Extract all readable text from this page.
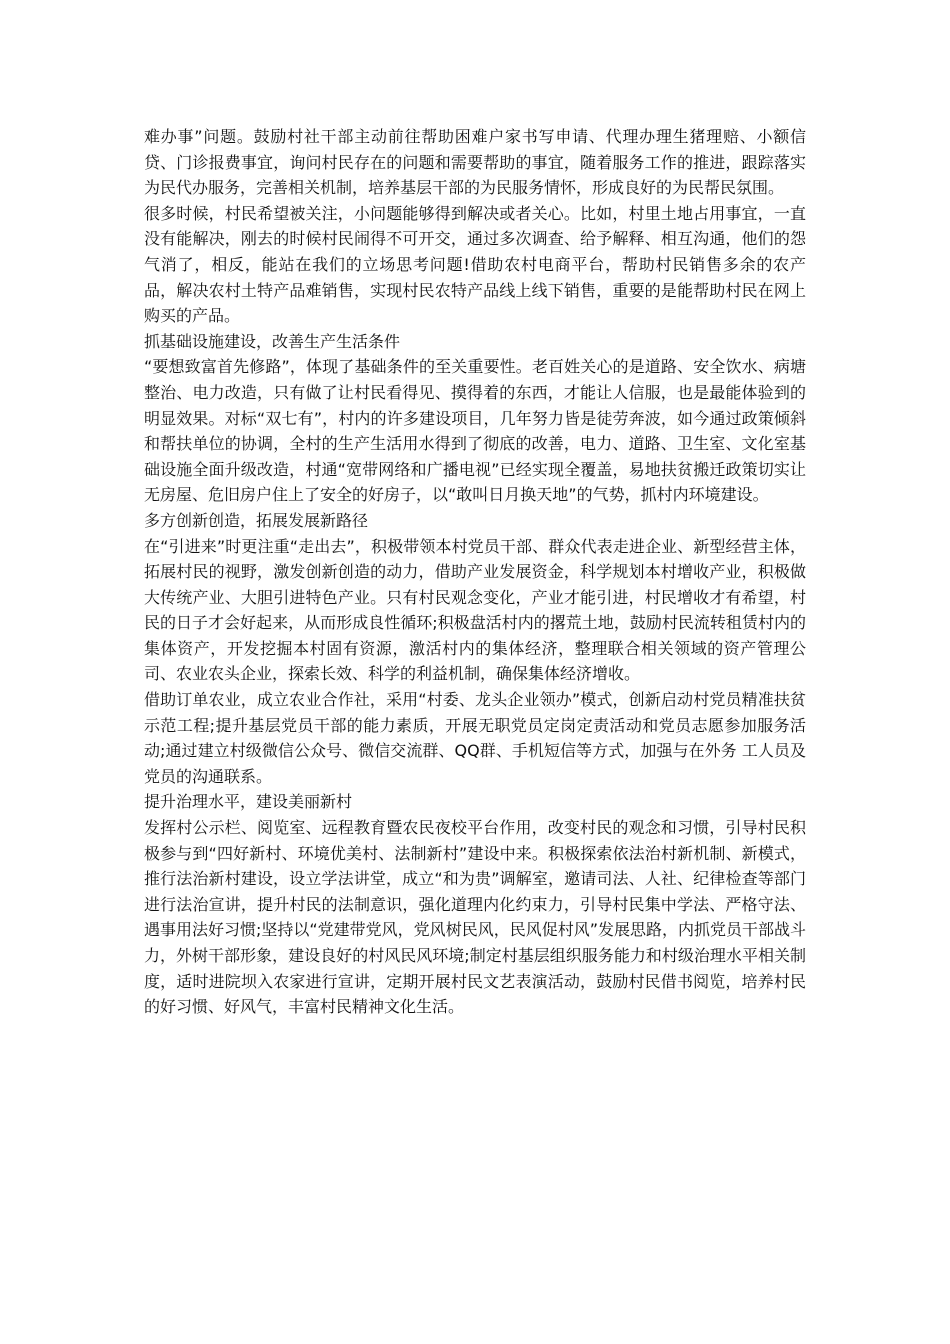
难办事”问题。鼓励村社干部主动前往帮助困难户家书写申请、代理办理生猪理赔、小额信贷、门诊报费事宜，询问村民存在的问题和需要帮助的事宜，随着服务工作的推进，跟踪落实为民代办服务，完善相关机制，培养基层干部的为民服务情怀，形成良好的为民帮民氛围。

很多时候，村民希望被关注，小问题能够得到解决或者关心。比如，村里土地占用事宜，一直没有能解决，刚去的时候村民闹得不可开交，通过多次调查、给予解释、相互沟通，他们的怨气消了，相反，能站在我们的立场思考问题!借助农村电商平台，帮助村民销售多余的农产品，解决农村土特产品难销售，实现村民农特产品线上线下销售，重要的是能帮助村民在网上购买的产品。

抓基础设施建设，改善生产生活条件

“要想致富首先修路”，体现了基础条件的至关重要性。老百姓关心的是道路、安全饮水、病塘整治、电力改造，只有做了让村民看得见、摸得着的东西，才能让人信服，也是最能体验到的明显效果。对标“双七有”，村内的许多建设项目，几年努力皆是徒劳奔波，如今通过政策倾斜和帮扶单位的协调，全村的生产生活用水得到了彻底的改善，电力、道路、卫生室、文化室基础设施全面升级改造，村通“宽带网络和广播电视”已经实现全覆盖，易地扶贫搬迁政策切实让无房屋、危旧房户住上了安全的好房子，以“敢叫日月换天地”的气势，抓村内环境建设。

多方创新创造，拓展发展新路径

在“引进来”时更注重“走出去”，积极带领本村党员干部、群众代表走进企业、新型经营主体，拓展村民的视野，激发创新创造的动力，借助产业发展资金，科学规划本村增收产业，积极做大传统产业、大胆引进特色产业。只有村民观念变化，产业才能引进，村民增收才有希望，村民的日子才会好起来，从而形成良性循环;积极盘活村内的撂荒土地，鼓励村民流转租赁村内的集体资产，开发挖掘本村固有资源，激活村内的集体经济，整理联合相关领域的资产管理公司、农业农头企业，探索长效、科学的利益机制，确保集体经济增收。

借助订单农业，成立农业合作社，采用“村委、龙头企业领办”模式，创新启动村党员精准扶贫示范工程;提升基层党员干部的能力素质，开展无职党员定岗定责活动和党员志愿参加服务活动;通过建立村级微信公众号、微信交流群、QQ群、手机短信等方式，加强与在外务 工人员及党员的沟通联系。

提升治理水平，建设美丽新村

发挥村公示栏、阅览室、远程教育暨农民夜校平台作用，改变村民的观念和习惯，引导村民积极参与到“四好新村、环境优美村、法制新村”建设中来。积极探索依法治村新机制、新模式，推行法治新村建设，设立学法讲堂，成立“和为贵”调解室，邀请司法、人社、纪律检查等部门进行法治宣讲，提升村民的法制意识，强化道理内化约束力，引导村民集中学法、严格守法、遇事用法好习惯;坚持以“党建带党风，党风树民风，民风促村风”发展思路，内抓党员干部战斗力，外树干部形象，建设良好的村风民风环境;制定村基层组织服务能力和村级治理水平相关制度，适时进院坝入农家进行宣讲，定期开展村民文艺表演活动，鼓励村民借书阅览，培养村民的好习惯、好风气，丰富村民精神文化生活。
